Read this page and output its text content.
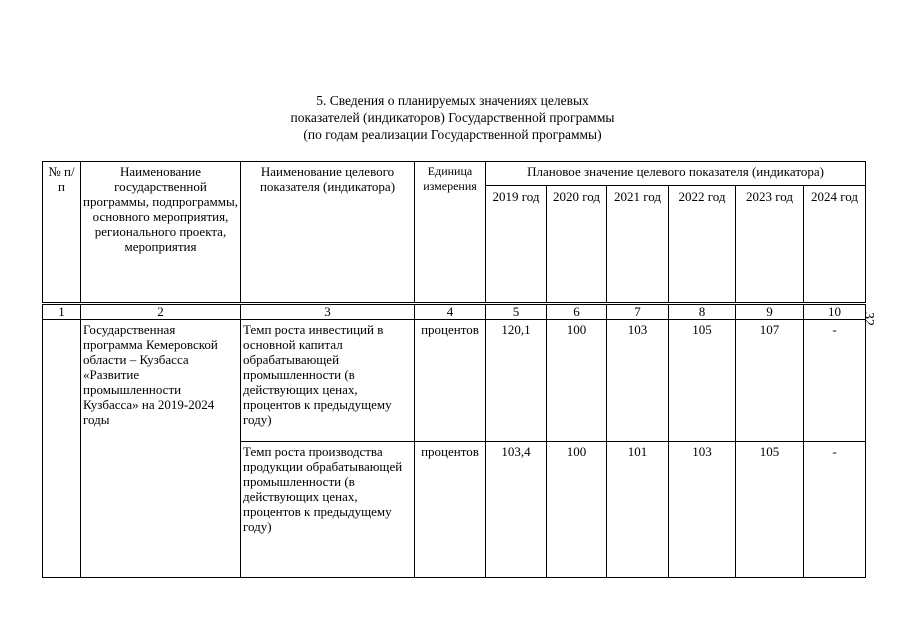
5. Сведения о планируемых значениях целевых
показателей (индикаторов) Государственной программы
(по годам реализации Государственной программы)
32
№ п/п	Наименование государственной программы, подпрограммы, основного мероприятия, регионального проекта, мероприятия	Наименование целевого показателя (индикатора)	Единица измерения	Плановое значение целевого показателя (индикатора)					
				2019 год	2020 год	2021 год	2022 год	2023 год	2024 год
1	2	3	4	5	6	7	8	9	10
	Государственная программа Кемеровской области – Кузбасса «Развитие промышленности Кузбасса» на 2019-2024 годы	Темп роста инвестиций в основной капитал обрабатывающей промышленности (в действующих ценах, процентов к предыдущему году)	процентов	120,1	100	103	105	107	-
		Темп роста производства продукции обрабатывающей промышленности (в действующих ценах, процентов к предыдущему году)	процентов	103,4	100	101	103	105	-
